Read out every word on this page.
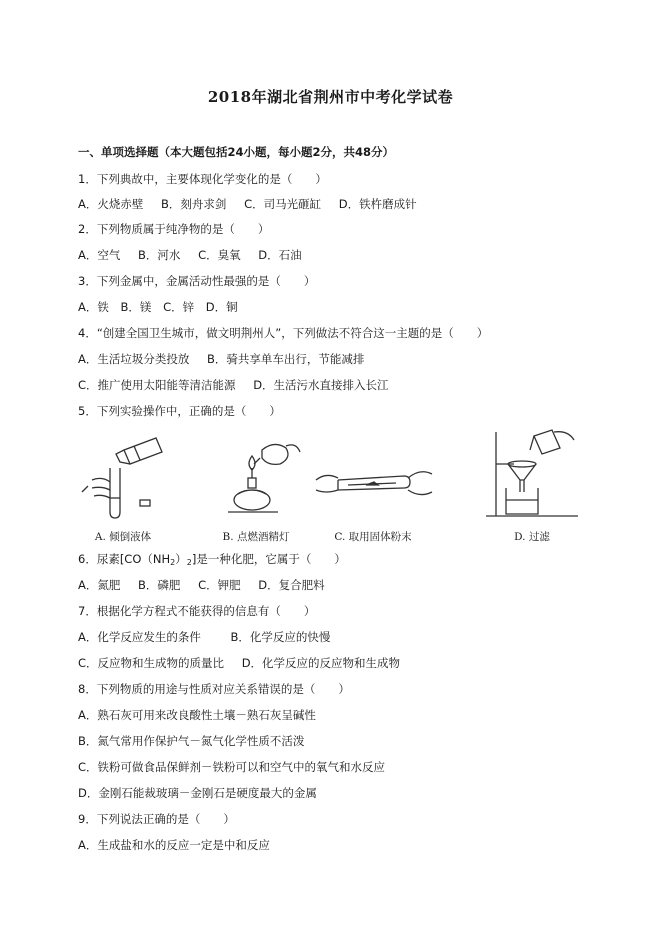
2018年湖北省荆州市中考化学试卷
一、单项选择题（本大题包括24小题，每小题2分，共48分）
1．下列典故中，主要体现化学变化的是（　　）
A．火烧赤壁 B．刻舟求剑 C．司马光砸缸 D．铁杵磨成针
2．下列物质属于纯净物的是（　　）
A．空气 B．河水 C．臭氧 D．石油
3．下列金属中，金属活动性最强的是（　　）
A．铁 B．镁 C．锌 D．铜
4．“创建全国卫生城市，做文明荆州人”，下列做法不符合这一主题的是（　　）
A．生活垃圾分类投放 B．骑共享单车出行，节能减排
C．推广使用太阳能等清洁能源 D．生活污水直接排入长江
5．下列实验操作中，正确的是（　　）
A. 倾倒液体	B. 点燃酒精灯	C. 取用固体粉末	D. 过滤
6．尿素$[CO(NH_2)_2]$是一种化肥，它属于（　　）
A．氮肥 B．磷肥 C．钾肥 D．复合肥料
7．根据化学方程式不能获得的信息有（　　）
A．化学反应发生的条件	B．化学反应的快慢
C．反应物和生成物的质量比 D．化学反应的反应物和生成物
8．下列物质的用途与性质对应关系错误的是（　　）
A．熟石灰可用来改良酸性土壤－熟石灰呈碱性
B．氮气常用作保护气－氮气化学性质不活泼
C．铁粉可做食品保鲜剂－铁粉可以和空气中的氧气和水反应
D．金刚石能裁玻璃－金刚石是硬度最大的金属
9．下列说法正确的是（　　）
A．生成盐和水的反应一定是中和反应
